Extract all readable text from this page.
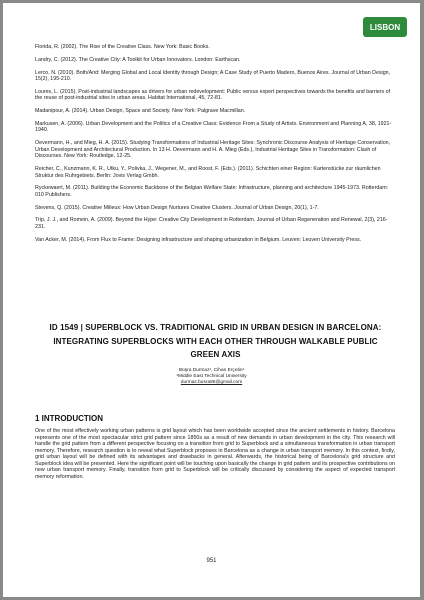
LISBON
Florida, R. (2002). The Rise of the Creative Class. New York: Basic Books.
Landry, C. (2012). The Creative City: A Toolkit for Urban Innovators. London: Earthscan.
Lerco, N. (2010). Both/And: Merging Global and Local Identity through Design; A Case Study of Puerto Madero, Buenos Aires. Journal of Urban Design, 15(2), 195-210.
Loures, L. (2015). Post-industrial landscapes as drivers for urban redevelopment: Public versus expert perspectives towards the benefits and barriers of the reuse of post-industrial sites in urban areas. Habitat International, 45, 72-81.
Madanipour, A. (2014). Urban Design, Space and Society. New York: Palgrave Macmillan.
Markusen, A. (2006). Urban Development and the Politics of a Creative Class: Evidence From a Study of Artists. Environment and Planning A, 38, 1921-1940.
Oevermann, H., and Mieg, H. A. (2015). Studying Transformations of Industrial Heritage Sites: Synchronic Discourse Analysis of Heritage Conservation, Urban Development and Architectural Production. In 13 H. Oevermann and H. A. Mieg (Eds.), Industrial Heritage Sites in Transformation: Clash of Discourses. New York: Routledge, 12-25.
Reicher, C., Kunzmann, K. R., Utku, Y., Polivka, J., Wegener, M., and Roost, F. (Eds.). (2011). Schichten einer Region: Kartenstücke zur räumlichen Struktur des Ruhrgebiets. Berlin: Jovis Verlag Gmbh.
Ryckewaert, M. (2011). Building the Economic Backbone of the Belgian Welfare State: Infrastructure, planning and architecture 1945-1973. Rotterdam: 010 Publishers.
Stevens, Q. (2015). Creative Milieux: How Urban Design Nurtures Creative Clusters. Journal of Urban Design, 20(1), 1-7.
Trip, J. J., and Romein, A. (2009). Beyond the Hype: Creative City Development in Rotterdam. Journal of Urban Regeneration and Renewal, 2(3), 216-231.
Van Acker, M. (2014). From Flux to Frame: Designing infrastructure and shaping urbanization in Belgium. Leuven: Leuven University Press.
ID 1549 | SUPERBLOCK VS. TRADITIONAL GRID IN URBAN DESIGN IN BARCELONA: INTEGRATING SUPERBLOCKS WITH EACH OTHER THROUGH WALKABLE PUBLIC GREEN AXIS
Büşra Durmaz¹, Cihan Erçetin¹
¹Middle East Technical University
durmaz.busra86@gmail.com
1 INTRODUCTION
One of the most effectively working urban patterns is grid layout which has been worldwide accepted since the ancient settlements in history. Barcelona represents one of the most spectacular strict grid pattern since 1850s as a result of new demands in urban development in the city. This research will handle the grid pattern from a different perspective focusing on a transition from grid to Superblock and a simultaneous transformation in urban transport memory. Therefore, research question is to reveal what Superblock proposes in Barcelona as a change in urban transport memory. In this context, firstly, grid urban layout will be defined with its advantages and drawbacks in general. Afterwards, the historical being of Barcelona's grid structure and Superblock idea will be presented. Here the significant point will be touching upon basically the change in grid pattern and its prospective contributions on new urban transport memory. Finally, transition from grid to Superblock will be critically discussed by considering the aspect of expected transport memory reformation.
951
